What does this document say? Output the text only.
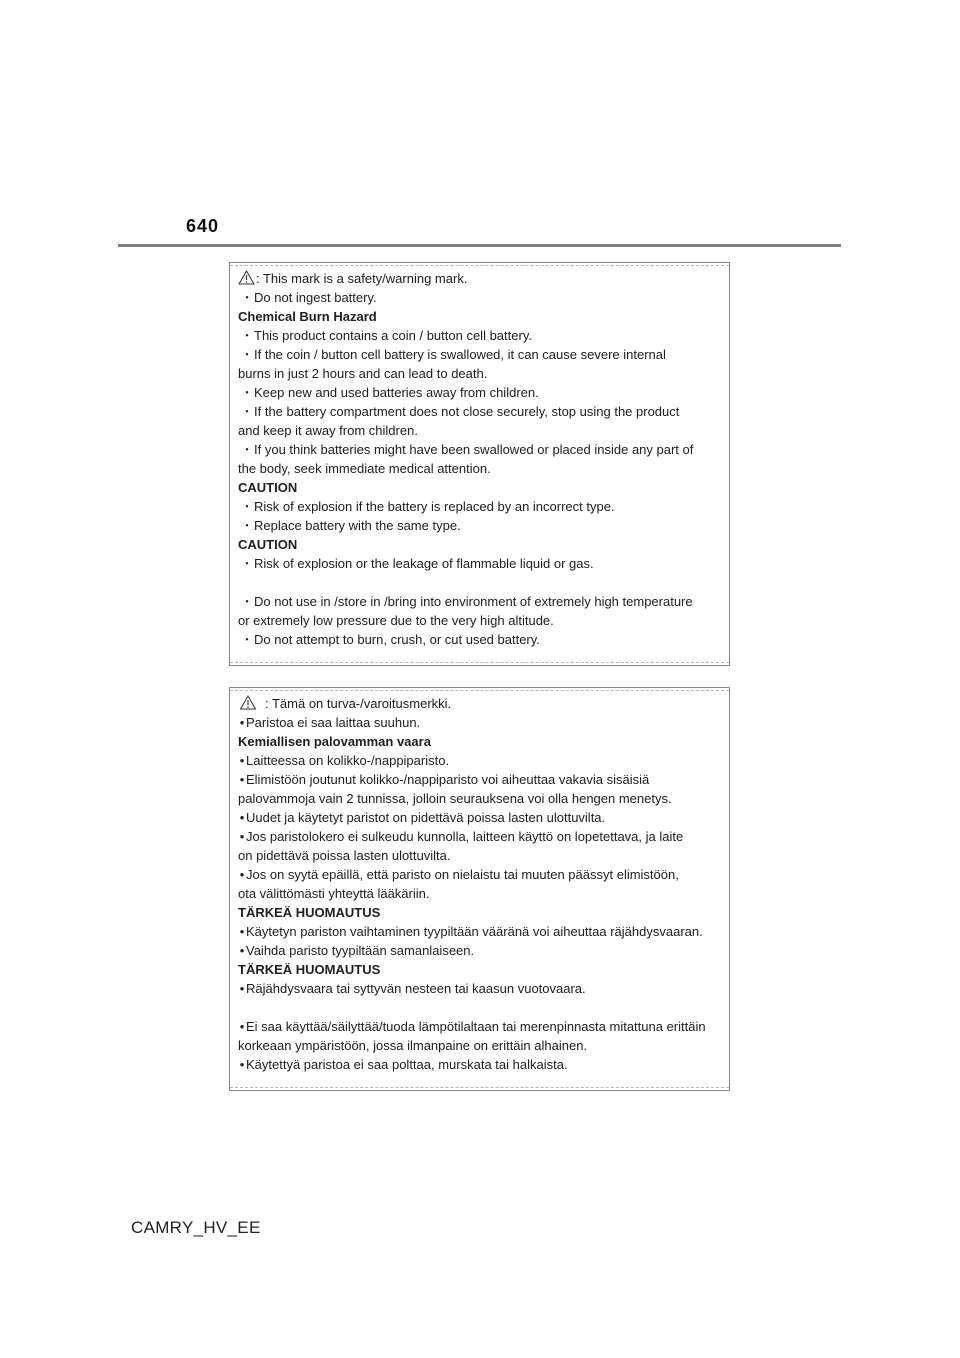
640
: This mark is a safety/warning mark.
・Do not ingest battery.
Chemical Burn Hazard
・This product contains a coin / button cell battery.
・If the coin / button cell battery is swallowed, it can cause severe internal
burns in just 2 hours and can lead to death.
・Keep new and used batteries away from children.
・If the battery compartment does not close securely, stop using the product
and keep it away from children.
・If you think batteries might have been swallowed or placed inside any part of
the body, seek immediate medical attention.
CAUTION
・Risk of explosion if the battery is replaced by an incorrect type.
・Replace battery with the same type.
CAUTION
・Risk of explosion or the leakage of flammable liquid or gas.
・Do not use in /store in /bring into environment of extremely high temperature
or extremely low pressure due to the very high altitude.
・Do not attempt to burn, crush, or cut used battery.
: Tämä on turva-/varoitusmerkki.
• Paristoa ei saa laittaa suuhun.
Kemiallisen palovamman vaara
• Laitteessa on kolikko-/nappiparisto.
• Elimistöön joutunut kolikko-/nappiparisto voi aiheuttaa vakavia sisäisiä
palovammoja vain 2 tunnissa, jolloin seurauksena voi olla hengen menetys.
• Uudet ja käytetyt paristot on pidettävä poissa lasten ulottuvilta.
• Jos paristolokero ei sulkeudu kunnolla, laitteen käyttö on lopetettava, ja laite
on pidettävä poissa lasten ulottuvilta.
• Jos on syytä epäillä, että paristo on nielaistu tai muuten päässyt elimistöön,
ota välittömästi yhteyttä lääkäriin.
TÄRKEÄ HUOMAUTUS
• Käytetyn pariston vaihtaminen tyypiltään vääränä voi aiheuttaa räjähdysvaaran.
• Vaihda paristo tyypiltään samanlaiseen.
TÄRKEÄ HUOMAUTUS
• Räjähdysvaara tai syttyvän nesteen tai kaasun vuotovaara.
• Ei saa käyttää/säilyttää/tuoda lämpötilaltaan tai merenpinnasta mitattuna erittäin
korkeaan ympäristöön, jossa ilmanpaine on erittäin alhainen.
• Käytettyä paristoa ei saa polttaa, murskata tai halkaista.
CAMRY_HV_EE
